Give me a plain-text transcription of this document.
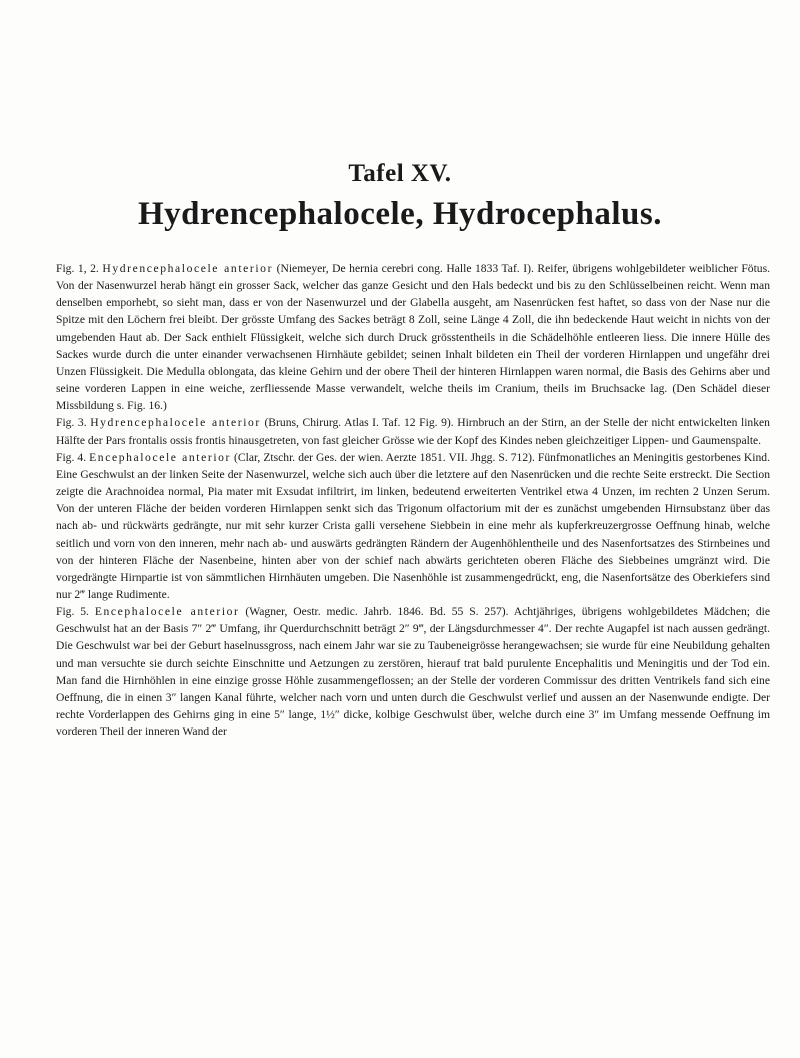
Tafel XV.
Hydrencephalocele, Hydrocephalus.

Fig. 1, 2. Hydrencephalocele anterior (Niemeyer, De hernia cerebri cong. Halle 1833 Taf. I). Reifer, übrigens wohlgebildeter weiblicher Fötus. Von der Nasenwurzel herab hängt ein grosser Sack, welcher das ganze Gesicht und den Hals bedeckt und bis zu den Schlüsselbeinen reicht. Wenn man denselben emporhebt, so sieht man, dass er von der Nasenwurzel und der Glabella ausgeht, am Nasenrücken fest haftet, so dass von der Nase nur die Spitze mit den Löchern frei bleibt. Der grösste Umfang des Sackes beträgt 8 Zoll, seine Länge 4 Zoll, die ihn bedeckende Haut weicht in nichts von der umgebenden Haut ab. Der Sack enthielt Flüssigkeit, welche sich durch Druck grösstentheils in die Schädelhöhle entleeren liess. Die innere Hülle des Sackes wurde durch die unter einander verwachsenen Hirnhäute gebildet; seinen Inhalt bildeten ein Theil der vorderen Hirnlappen und ungefähr drei Unzen Flüssigkeit. Die Medulla oblongata, das kleine Gehirn und der obere Theil der hinteren Hirnlappen waren normal, die Basis des Gehirns aber und seine vorderen Lappen in eine weiche, zerfliessende Masse verwandelt, welche theils im Cranium, theils im Bruchsacke lag. (Den Schädel dieser Missbildung s. Fig. 16.)

Fig. 3. Hydrencephalocele anterior (Bruns, Chirurg. Atlas I. Taf. 12 Fig. 9). Hirnbruch an der Stirn, an der Stelle der nicht entwickelten linken Hälfte der Pars frontalis ossis frontis hinausgetreten, von fast gleicher Grösse wie der Kopf des Kindes neben gleichzeitiger Lippen- und Gaumenspalte.

Fig. 4. Encephalocele anterior (Clar, Ztschr. der Ges. der wien. Aerzte 1851. VII. Jhgg. S. 712). Fünfmonatliches an Meningitis gestorbenes Kind. Eine Geschwulst an der linken Seite der Nasenwurzel, welche sich auch über die letztere auf den Nasenrücken und die rechte Seite erstreckt. Die Section zeigte die Arachnoidea normal, Pia mater mit Exsudat infiltrirt, im linken, bedeutend erweiterten Ventrikel etwa 4 Unzen, im rechten 2 Unzen Serum. Von der unteren Fläche der beiden vorderen Hirnlappen senkt sich das Trigonum olfactorium mit der es zunächst umgebenden Hirnsubstanz über das nach ab- und rückwärts gedrängte, nur mit sehr kurzer Crista galli versehene Siebbein in eine mehr als kupferkreuzergrosse Oeffnung hinab, welche seitlich und vorn von den inneren, mehr nach ab- und auswärts gedrängten Rändern der Augenhöhlentheile und des Nasenfortsatzes des Stirnbeines und von der hinteren Fläche der Nasenbeine, hinten aber von der schief nach abwärts gerichteten oberen Fläche des Siebbeines umgränzt wird. Die vorgedrängte Hirnpartie ist von sämmtlichen Hirnhäuten umgeben. Die Nasenhöhle ist zusammengedrückt, eng, die Nasenfortsätze des Oberkiefers sind nur 2‴ lange Rudimente.

Fig. 5. Encephalocele anterior (Wagner, Oestr. medic. Jahrb. 1846. Bd. 55 S. 257). Achtjähriges, übrigens wohlgebildetes Mädchen; die Geschwulst hat an der Basis 7″ 2‴ Umfang, ihr Querdurchschnitt beträgt 2″ 9‴, der Längsdurchmesser 4″. Der rechte Augapfel ist nach aussen gedrängt. Die Geschwulst war bei der Geburt haselnussgross, nach einem Jahr war sie zu Taubeneigrösse herangewachsen; sie wurde für eine Neubildung gehalten und man versuchte sie durch seichte Einschnitte und Aetzungen zu zerstören, hierauf trat bald purulente Encephalitis und Meningitis und der Tod ein. Man fand die Hirnhöhlen in eine einzige grosse Höhle zusammengeflossen; an der Stelle der vorderen Commissur des dritten Ventrikels fand sich eine Oeffnung, die in einen 3″ langen Kanal führte, welcher nach vorn und unten durch die Geschwulst verlief und aussen an der Nasenwunde endigte. Der rechte Vorderlappen des Gehirns ging in eine 5″ lange, 1½″ dicke, kolbige Geschwulst über, welche durch eine 3″ im Umfang messende Oeffnung im vorderen Theil der inneren Wand der
